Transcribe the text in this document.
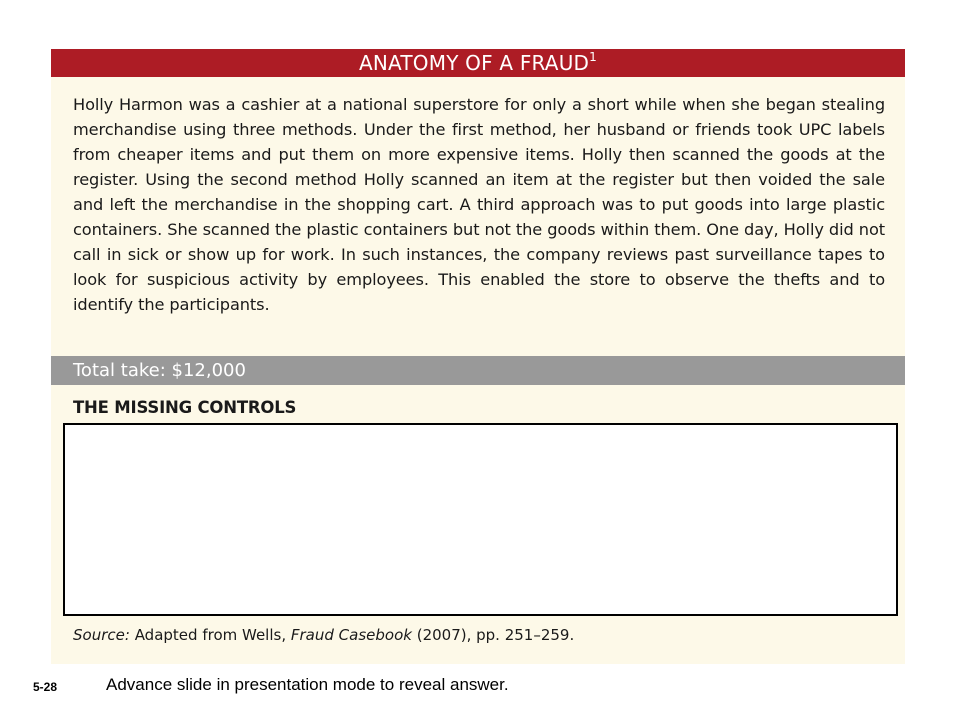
ANATOMY OF A FRAUD$^1$

Holly Harmon was a cashier at a national superstore for only a short while when she began stealing merchandise using three methods. Under the first method, her husband or friends took UPC labels from cheaper items and put them on more expensive items. Holly then scanned the goods at the register. Using the second method Holly scanned an item at the register but then voided the sale and left the merchandise in the shopping cart. A third approach was to put goods into large plastic containers. She scanned the plastic containers but not the goods within them. One day, Holly did not call in sick or show up for work. In such instances, the company reviews past surveillance tapes to look for suspicious activity by employees. This enabled the store to observe the thefts and to identify the participants.

Total take: $12,000
THE MISSING CONTROLS

Source: Adapted from Wells, Fraud Casebook (2007), pp. 251–259.

5-28	Advance slide in presentation mode to reveal answer.
